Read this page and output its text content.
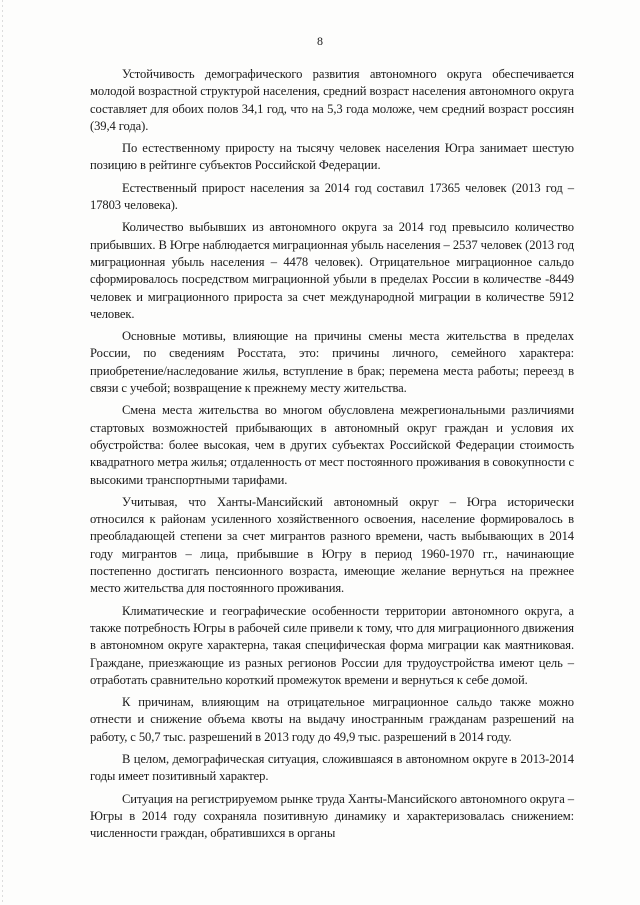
8

Устойчивость демографического развития автономного округа обеспечивается молодой возрастной структурой населения, средний возраст населения автономного округа составляет для обоих полов 34,1 год, что на 5,3 года моложе, чем средний возраст россиян (39,4 года).

По естественному приросту на тысячу человек населения Югра занимает шестую позицию в рейтинге субъектов Российской Федерации.

Естественный прирост населения за 2014 год составил 17365 человек (2013 год – 17803 человека).

Количество выбывших из автономного округа за 2014 год превысило количество прибывших. В Югре наблюдается миграционная убыль населения – 2537 человек (2013 год миграционная убыль населения – 4478 человек). Отрицательное миграционное сальдо сформировалось посредством миграционной убыли в пределах России в количестве -8449 человек и миграционного прироста за счет международной миграции в количестве 5912 человек.

Основные мотивы, влияющие на причины смены места жительства в пределах России, по сведениям Росстата, это: причины личного, семейного характера: приобретение/наследование жилья, вступление в брак; перемена места работы; переезд в связи с учебой; возвращение к прежнему месту жительства.

Смена места жительства во многом обусловлена межрегиональными различиями стартовых возможностей прибывающих в автономный округ граждан и условия их обустройства: более высокая, чем в других субъектах Российской Федерации стоимость квадратного метра жилья; отдаленность от мест постоянного проживания в совокупности с высокими транспортными тарифами.

Учитывая, что Ханты-Мансийский автономный округ – Югра исторически относился к районам усиленного хозяйственного освоения, население формировалось в преобладающей степени за счет мигрантов разного времени, часть выбывающих в 2014 году мигрантов – лица, прибывшие в Югру в период 1960-1970 гг., начинающие постепенно достигать пенсионного возраста, имеющие желание вернуться на прежнее место жительства для постоянного проживания.

Климатические и географические особенности территории автономного округа, а также потребность Югры в рабочей силе привели к тому, что для миграционного движения в автономном округе характерна, такая специфическая форма миграции как маятниковая. Граждане, приезжающие из разных регионов России для трудоустройства имеют цель – отработать сравнительно короткий промежуток времени и вернуться к себе домой.

К причинам, влияющим на отрицательное миграционное сальдо также можно отнести и снижение объема квоты на выдачу иностранным гражданам разрешений на работу, с 50,7 тыс. разрешений в 2013 году до 49,9 тыс. разрешений в 2014 году.

В целом, демографическая ситуация, сложившаяся в автономном округе в 2013-2014 годы имеет позитивный характер.

Ситуация на регистрируемом рынке труда Ханты-Мансийского автономного округа – Югры в 2014 году сохраняла позитивную динамику и характеризовалась снижением: численности граждан, обратившихся в органы
